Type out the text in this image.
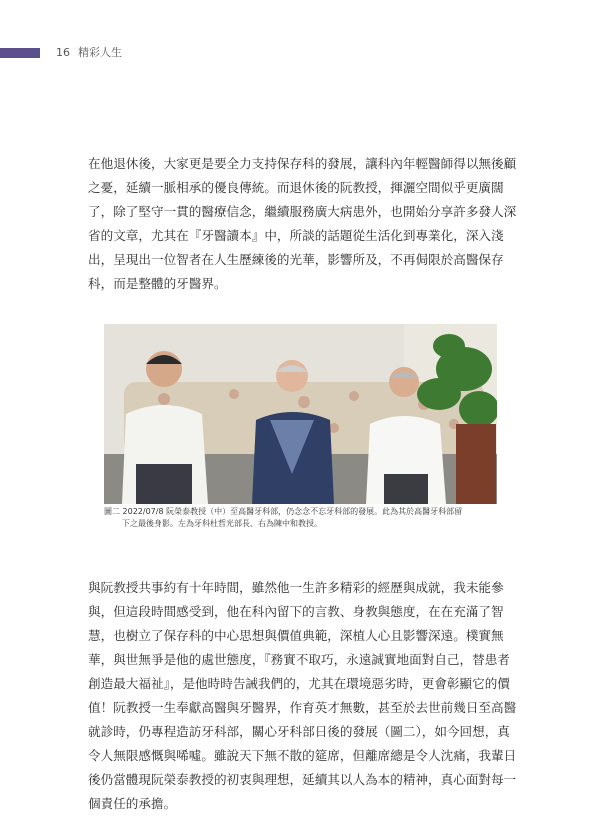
16 精彩人生

在他退休後，大家更是要全力支持保存科的發展，讓科內年輕醫師得以無後顧之憂，延續一脈相承的優良傳統。而退休後的阮教授，揮灑空間似乎更廣闊了，除了堅守一貫的醫療信念，繼續服務廣大病患外，也開始分享許多發人深省的文章，尤其在『牙醫讀本』中，所談的話題從生活化到專業化，深入淺出，呈現出一位智者在人生歷練後的光華，影響所及，不再侷限於高醫保存科，而是整體的牙醫界。

圖二 2022/07/8 阮榮泰教授（中）至高醫牙科部，仍念念不忘牙科部的發展。此為其於高醫牙科部留
下之最後身影。左為牙科杜哲光部長、右為陳中和教授。

與阮教授共事約有十年時間，雖然他一生許多精彩的經歷與成就，我未能參與，但這段時間感受到，他在科內留下的言教、身教與態度，在在充滿了智慧，也樹立了保存科的中心思想與價值典範，深植人心且影響深遠。樸實無華，與世無爭是他的處世態度，『務實不取巧，永遠誠實地面對自己，替患者創造最大福祉』，是他時時告誡我們的，尤其在環境惡劣時，更會彰顯它的價值！阮教授一生奉獻高醫與牙醫界，作育英才無數，甚至於去世前幾日至高醫就診時，仍專程造訪牙科部，關心牙科部日後的發展（圖二），如今回想，真令人無限感慨與唏噓。雖說天下無不散的筵席，但離席總是令人沈痛，我輩日後仍當體現阮榮泰教授的初衷與理想，延續其以人為本的精神，真心面對每一個責任的承擔。
